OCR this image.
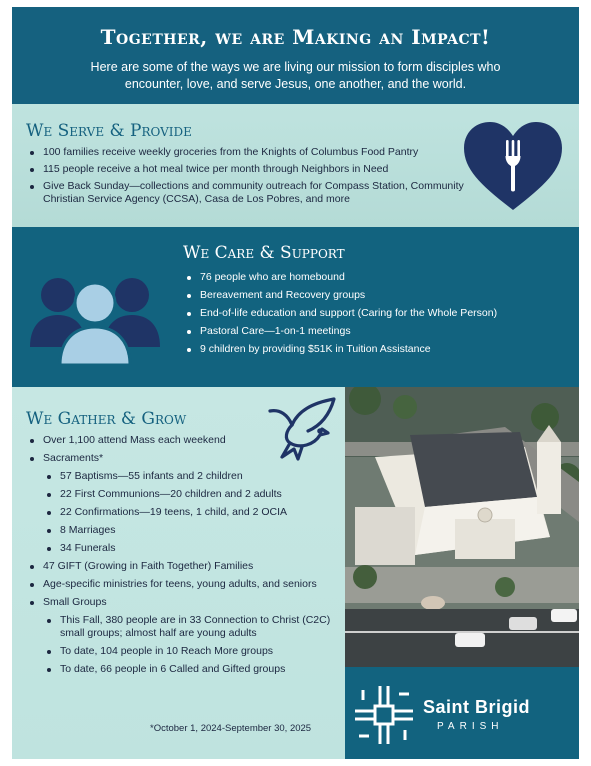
Together, we are Making an Impact!

Here are some of the ways we are living our mission to form disciples who encounter, love, and serve Jesus, one another, and the world.

We Serve & Provide
100 families receive weekly groceries from the Knights of Columbus Food Pantry
115 people receive a hot meal twice per month through Neighbors in Need
Give Back Sunday—collections and community outreach for Compass Station, Community Christian Service Agency (CCSA), Casa de Los Pobres, and more
We Care & Support
76 people who are homebound
Bereavement and Recovery groups
End-of-life education and support (Caring for the Whole Person)
Pastoral Care—1-on-1 meetings
9 children by providing $51K in Tuition Assistance
We Gather & Grow
Over 1,100 attend Mass each weekend
Sacraments*
57 Baptisms—55 infants and 2 children
22 First Communions—20 children and 2 adults
22 Confirmations—19 teens, 1 child, and 2 OCIA
8 Marriages
34 Funerals
47 GIFT (Growing in Faith Together) Families
Age-specific ministries for teens, young adults, and seniors
Small Groups
This Fall, 380 people are in 33 Connection to Christ (C2C) small groups; almost half are young adults
To date, 104 people in 10 Reach More groups
To date, 66 people in 6 Called and Gifted groups
*October 1, 2024-September 30, 2025
Saint Brigid
PARISH
